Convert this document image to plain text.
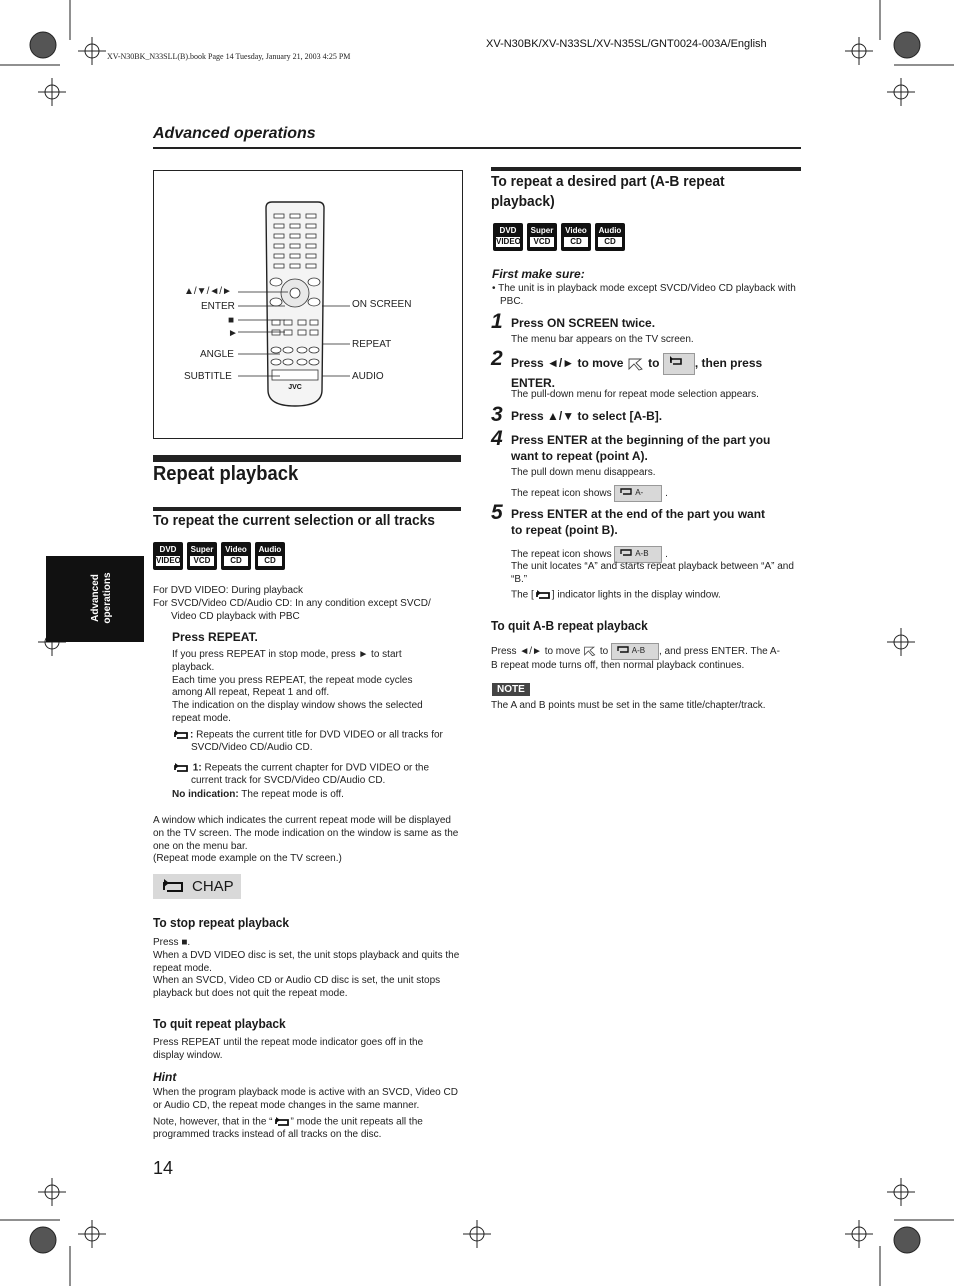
XV-N30BK_N33SLL(B).book Page 14 Tuesday, January 21, 2003 4:25 PM
XV-N30BK/XV-N33SL/XV-N35SL/GNT0024-003A/English
Advanced operations
Advanced operations
JVC
▲/▼/◄/►
ENTER
■
►
ANGLE
SUBTITLE
ON SCREEN
REPEAT
AUDIO
Repeat playback
To repeat the current selection or all tracks
DVD
VIDEO
Super
VCD
Video
CD
Audio
CD
For DVD VIDEO: During playback
For SVCD/Video CD/Audio CD: In any condition except SVCD/
Video CD playback with PBC
Press REPEAT.
If you press REPEAT in stop mode, press ► to start playback.
Each time you press REPEAT, the repeat mode cycles among All repeat, Repeat 1 and off.
The indication on the display window shows the selected repeat mode.
: Repeats the current title for DVD VIDEO or all tracks for SVCD/Video CD/Audio CD.
1: Repeats the current chapter for DVD VIDEO or the current track for SVCD/Video CD/Audio CD.
No indication: The repeat mode is off.
A window which indicates the current repeat mode will be displayed on the TV screen. The mode indication on the window is same as the one on the menu bar.
(Repeat mode example on the TV screen.)
CHAP
To stop repeat playback
Press ■.
When a DVD VIDEO disc is set, the unit stops playback and quits the repeat mode.
When an SVCD, Video CD or Audio CD disc is set, the unit stops playback but does not quit the repeat mode.
To quit repeat playback
Press REPEAT until the repeat mode indicator goes off in the display window.
Hint
When the program playback mode is active with an SVCD, Video CD or Audio CD, the repeat mode changes in the same manner.
Note, however, that in the “ ” mode the unit repeats all the programmed tracks instead of all tracks on the disc.
14
To repeat a desired part (A-B repeat
playback)
DVD
VIDEO
Super
VCD
Video
CD
Audio
CD
First make sure:
• The unit is in playback mode except SVCD/Video CD playback with PBC.
1 Press ON SCREEN twice.
The menu bar appears on the TV screen.
2 Press ◄/► to move to	, then press
ENTER.
The pull-down menu for repeat mode selection appears.
3 Press ▲/▼ to select [A-B].
4 Press ENTER at the beginning of the part you
want to repeat (point A).
The pull down menu disappears.
The repeat icon shows	A- .
5 Press ENTER at the end of the part you want
to repeat (point B).
The repeat icon shows	A-B .
The unit locates “A” and starts repeat playback between “A” and “B.”
The [ ] indicator lights in the display window.
To quit A-B repeat playback
Press ◄/► to move to	A-B , and press ENTER. The A-
B repeat mode turns off, then normal playback continues.
NOTE
The A and B points must be set in the same title/chapter/track.
